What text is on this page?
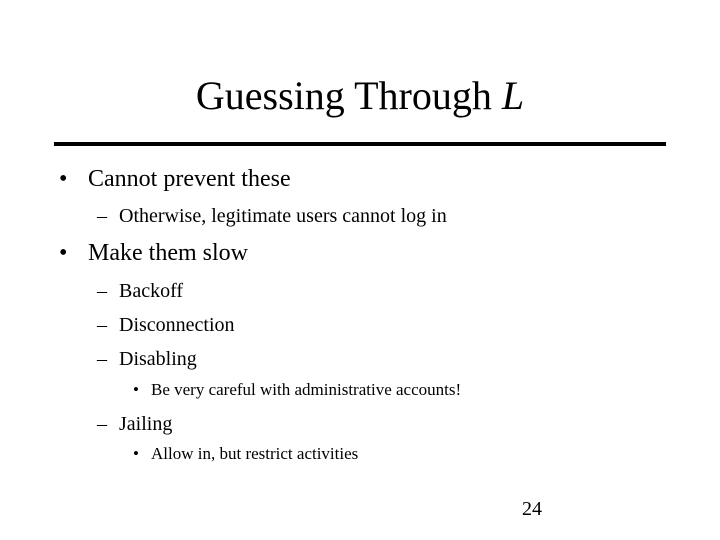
Guessing Through L
• Cannot prevent these
– Otherwise, legitimate users cannot log in
• Make them slow
– Backoff
– Disconnection
– Disabling
• Be very careful with administrative accounts!
– Jailing
• Allow in, but restrict activities
24
